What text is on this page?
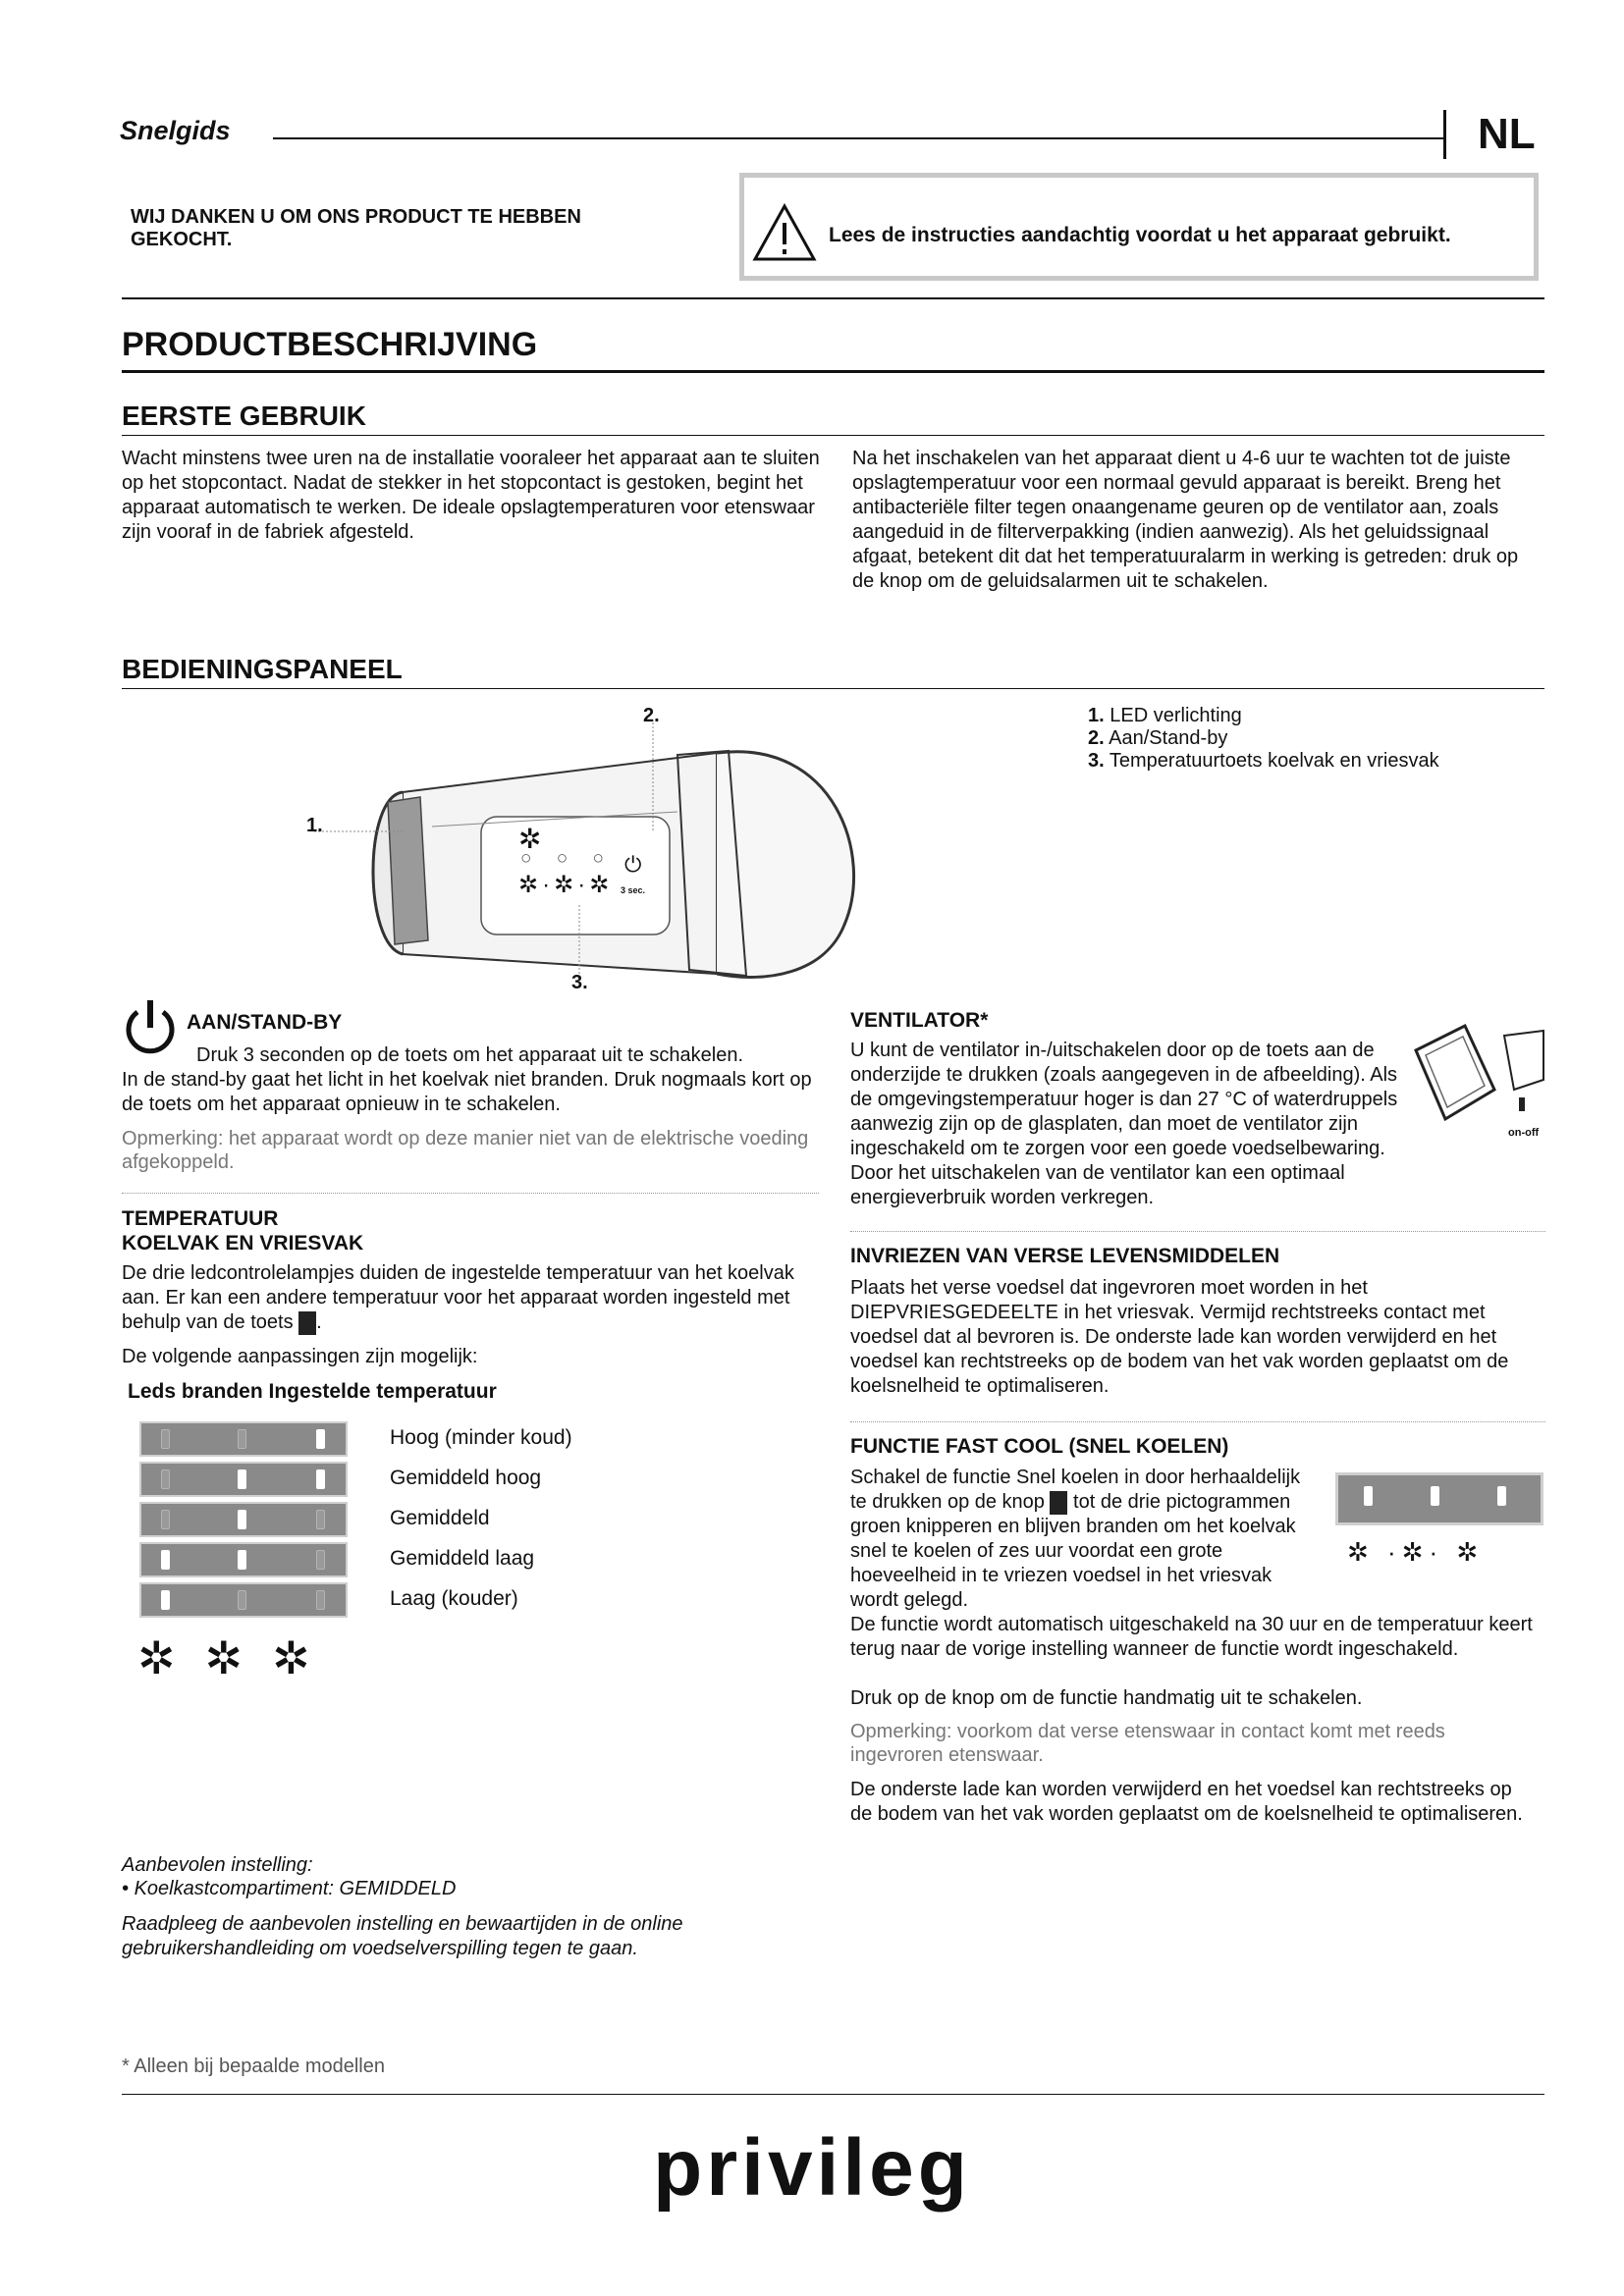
Snelgids	NL
WIJ DANKEN U OM ONS PRODUCT TE HEBBEN GEKOCHT.	Lees de instructies aandachtig voordat u het apparaat gebruikt.
PRODUCTBESCHRIJVING
EERSTE GEBRUIK
Wacht minstens twee uren na de installatie vooraleer het apparaat aan te sluiten op het stopcontact. Nadat de stekker in het stopcontact is gestoken, begint het apparaat automatisch te werken. De ideale opslagtemperaturen voor etenswaar zijn vooraf in de fabriek afgesteld.
Na het inschakelen van het apparaat dient u 4-6 uur te wachten tot de juiste opslagtemperatuur voor een normaal gevuld apparaat is bereikt. Breng het antibacteriële filter tegen onaangename geuren op de ventilator aan, zoals aangeduid in de filterverpakking (indien aanwezig). Als het geluidssignaal afgaat, betekent dit dat het temperatuuralarm in werking is getreden: druk op de knop om de geluidsalarmen uit te schakelen.
BEDIENINGSPANEEL
1.
2.
3.
✲
○ ○ ○
✲·✲·✲
⏻
3 sec.
1. LED verlichting
2. Aan/Stand-by
3. Temperatuurtoets koelvak en vriesvak
AAN/STAND-BY
Druk 3 seconden op de toets om het apparaat uit te schakelen.
In de stand-by gaat het licht in het koelvak niet branden. Druk nogmaals kort op de toets om het apparaat opnieuw in te schakelen.
Opmerking: het apparaat wordt op deze manier niet van de elektrische voeding afgekoppeld.
TEMPERATUUR
KOELVAK EN VRIESVAK
De drie ledcontrolelampjes duiden de ingestelde temperatuur van het koelvak aan. Er kan een andere temperatuur voor het apparaat worden ingesteld met behulp van de toets .
De volgende aanpassingen zijn mogelijk:
Leds branden Ingestelde temperatuur
Hoog (minder koud)
Gemiddeld hoog
Gemiddeld
Gemiddeld laag
Laag (kouder)
✲✲✲
Aanbevolen instelling:
• Koelkastcompartiment: GEMIDDELD
Raadpleeg de aanbevolen instelling en bewaartijden in de online gebruikershandleiding om voedselverspilling tegen te gaan.
VENTILATOR*
U kunt de ventilator in-/uitschakelen door op de toets aan de onderzijde te drukken (zoals aangegeven in de afbeelding). Als de omgevingstemperatuur hoger is dan 27 °C of waterdruppels aanwezig zijn op de glasplaten, dan moet de ventilator zijn ingeschakeld om te zorgen voor een goede voedselbewaring. Door het uitschakelen van de ventilator kan een optimaal energieverbruik worden verkregen.
on-off
INVRIEZEN VAN VERSE LEVENSMIDDELEN
Plaats het verse voedsel dat ingevroren moet worden in het DIEPVRIESGEDEELTE in het vriesvak. Vermijd rechtstreeks contact met voedsel dat al bevroren is. De onderste lade kan worden verwijderd en het voedsel kan rechtstreeks op de bodem van het vak worden geplaatst om de koelsnelheid te optimaliseren.
FUNCTIE FAST COOL (SNEL KOELEN)
Schakel de functie Snel koelen in door herhaaldelijk te drukken op de knop tot de drie pictogrammen groen knipperen en blijven branden om het koelvak snel te koelen of zes uur voordat een grote hoeveelheid in te vriezen voedsel in het vriesvak wordt gelegd.
✲ ·✲· ✲
De functie wordt automatisch uitgeschakeld na 30 uur en de temperatuur keert terug naar de vorige instelling wanneer de functie wordt ingeschakeld.
Druk op de knop om de functie handmatig uit te schakelen.
Opmerking: voorkom dat verse etenswaar in contact komt met reeds ingevroren etenswaar.
De onderste lade kan worden verwijderd en het voedsel kan rechtstreeks op de bodem van het vak worden geplaatst om de koelsnelheid te optimaliseren.
* Alleen bij bepaalde modellen
privileg
